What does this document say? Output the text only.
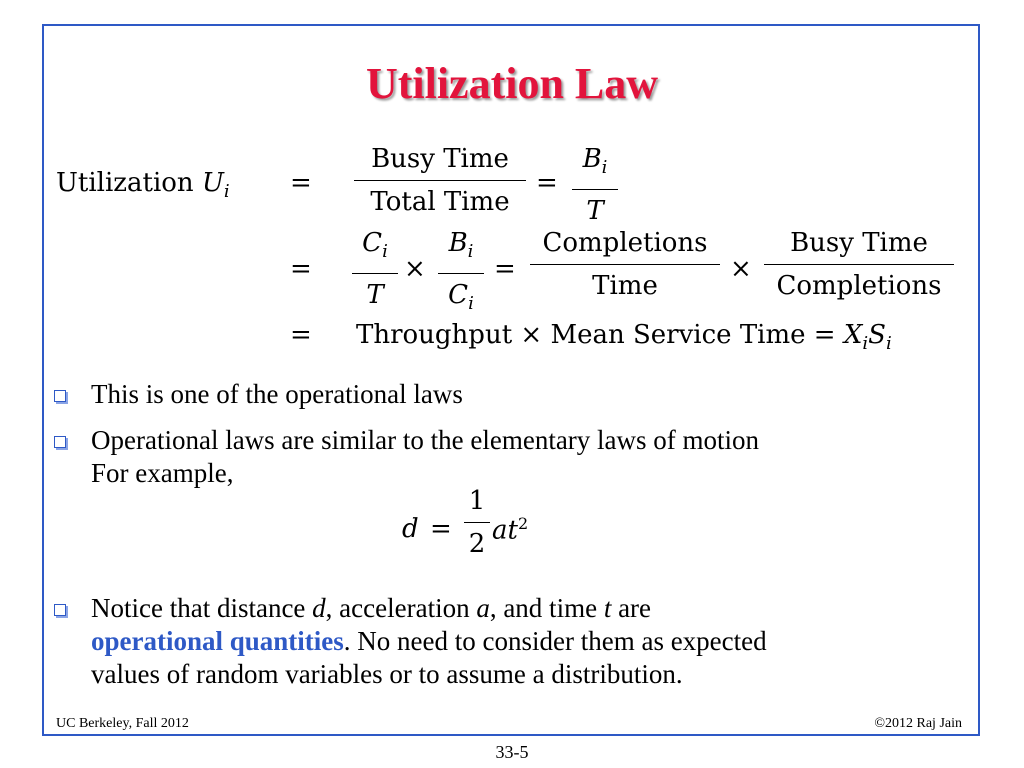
Utilization Law
Utilization $U_i$ =
Busy Time
Total Time
=
$B_i$
T
=
$C_i$
T
×
$B_i$
$C_i$
=
Completions
Time
×
Busy Time
Completions
= Throughput × Mean Service Time = $X_iS_i$
This is one of the operational laws
Operational laws are similar to the elementary laws of motion
For example,
d =
1
2 $at^2$
Notice that distance d, acceleration a, and time t are
operational quantities. No need to consider them as expected
values of random variables or to assume a distribution.
UC Berkeley, Fall 2012	©2012 Raj Jain
33-5
